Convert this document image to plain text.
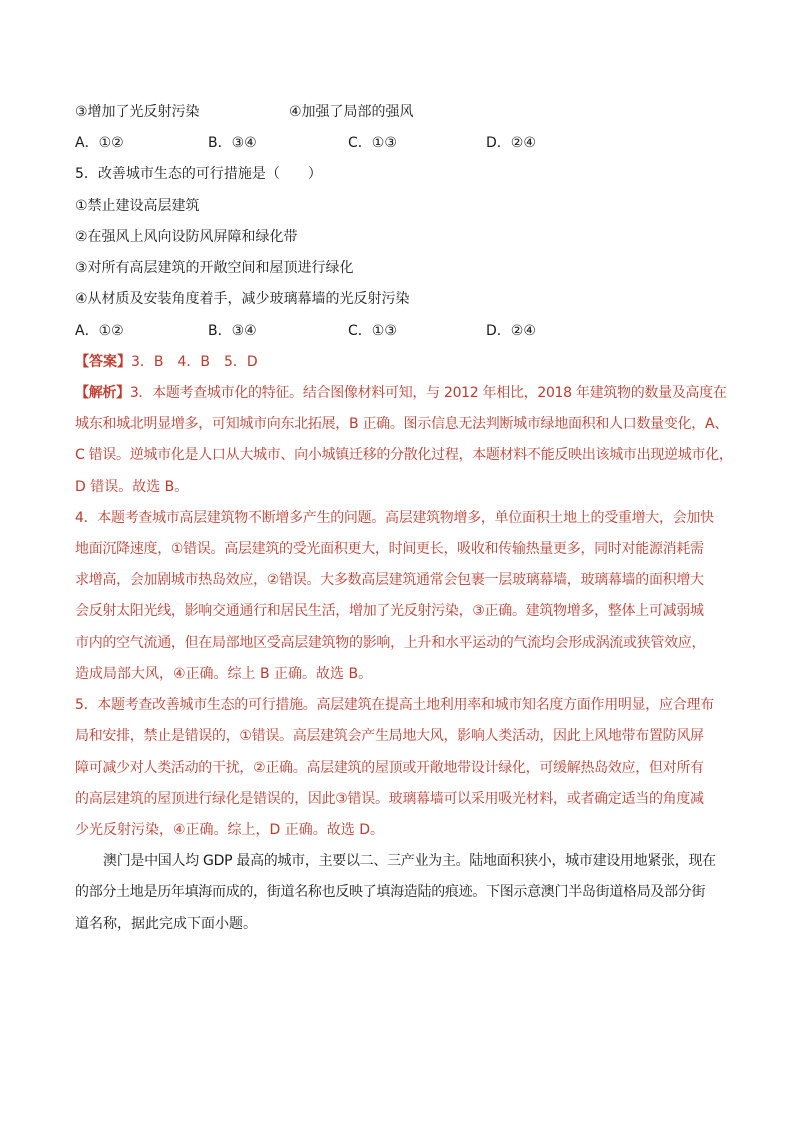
③增加了光反射污染	④加强了局部的强风
A．①②	B．③④	C．①③	D．②④
5．改善城市生态的可行措施是（　　）
①禁止建设高层建筑
②在强风上风向设防风屏障和绿化带
③对所有高层建筑的开敞空间和屋顶进行绿化
④从材质及安装角度着手，减少玻璃幕墙的光反射污染
A．①②	B．③④	C．①③	D．②④
【答案】3．B　4．B　5．D
【解析】3．本题考查城市化的特征。结合图像材料可知，与 2012 年相比，2018 年建筑物的数量及高度在
城东和城北明显增多，可知城市向东北拓展，B 正确。图示信息无法判断城市绿地面积和人口数量变化，A、
C 错误。逆城市化是人口从大城市、向小城镇迁移的分散化过程，本题材料不能反映出该城市出现逆城市化，
D 错误。故选 B。
4．本题考查城市高层建筑物不断增多产生的问题。高层建筑物增多，单位面积土地上的受重增大，会加快
地面沉降速度，①错误。高层建筑的受光面积更大，时间更长，吸收和传输热量更多，同时对能源消耗需
求增高，会加剧城市热岛效应，②错误。大多数高层建筑通常会包裹一层玻璃幕墙，玻璃幕墙的面积增大
会反射太阳光线，影响交通通行和居民生活，增加了光反射污染，③正确。建筑物增多，整体上可减弱城
市内的空气流通，但在局部地区受高层建筑物的影响，上升和水平运动的气流均会形成涡流或狭管效应，
造成局部大风，④正确。综上 B 正确。故选 B。
5．本题考查改善城市生态的可行措施。高层建筑在提高土地利用率和城市知名度方面作用明显，应合理布
局和安排，禁止是错误的，①错误。高层建筑会产生局地大风，影响人类活动，因此上风地带布置防风屏
障可减少对人类活动的干扰，②正确。高层建筑的屋顶或开敞地带设计绿化，可缓解热岛效应，但对所有
的高层建筑的屋顶进行绿化是错误的，因此③错误。玻璃幕墙可以采用吸光材料，或者确定适当的角度减
少光反射污染，④正确。综上，D 正确。故选 D。
澳门是中国人均 GDP 最高的城市，主要以二、三产业为主。陆地面积狭小，城市建设用地紧张，现在
的部分土地是历年填海而成的，街道名称也反映了填海造陆的痕迹。下图示意澳门半岛街道格局及部分街
道名称，据此完成下面小题。
